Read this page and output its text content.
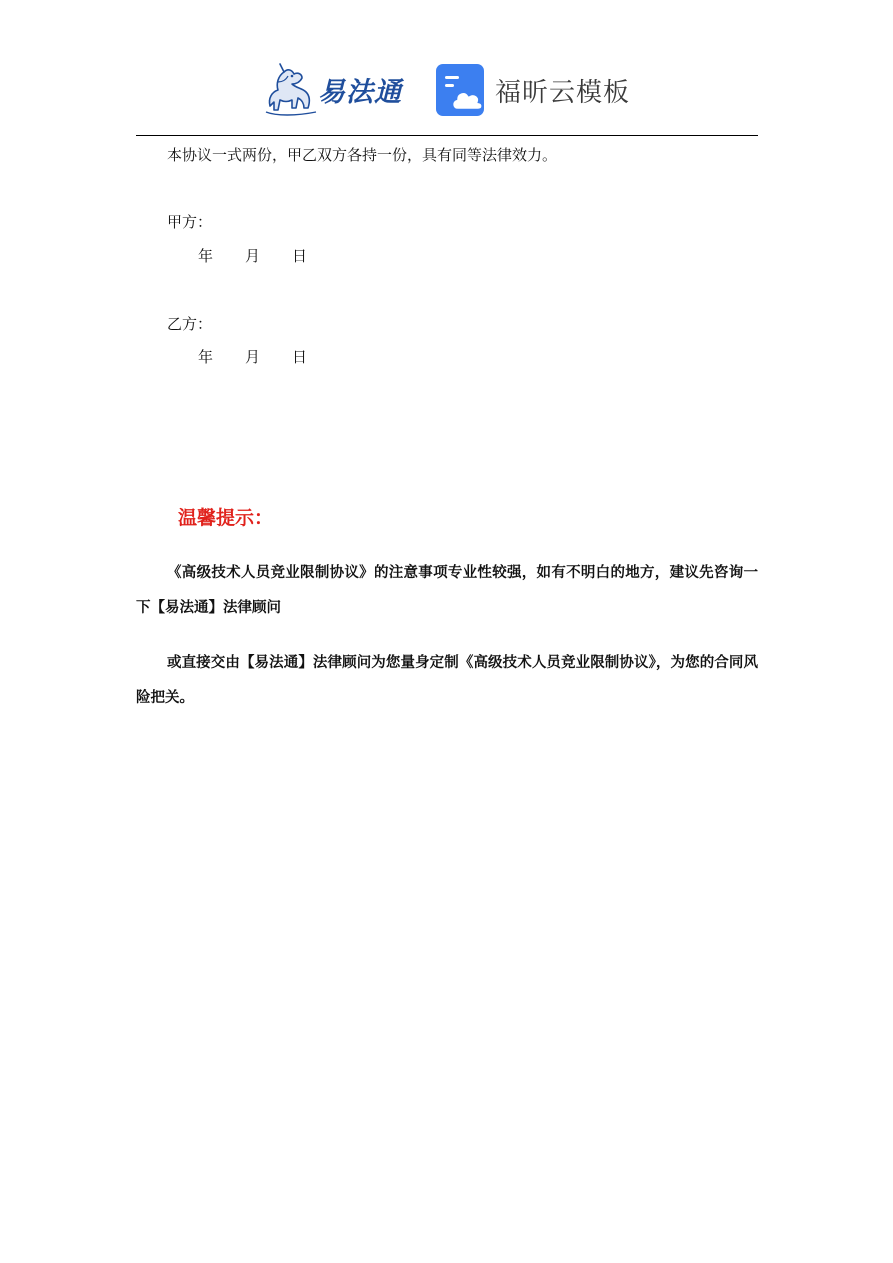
易法通	福昕云模板
本协议一式两份，甲乙双方各持一份，具有同等法律效力。
甲方：
年 月 日
乙方：
年 月 日
温馨提示：

《高级技术人员竞业限制协议》的注意事项专业性较强，如有不明白的地方，建议先咨询一下【易法通】法律顾问

或直接交由【易法通】法律顾问为您量身定制《高级技术人员竞业限制协议》，为您的合同风险把关。
